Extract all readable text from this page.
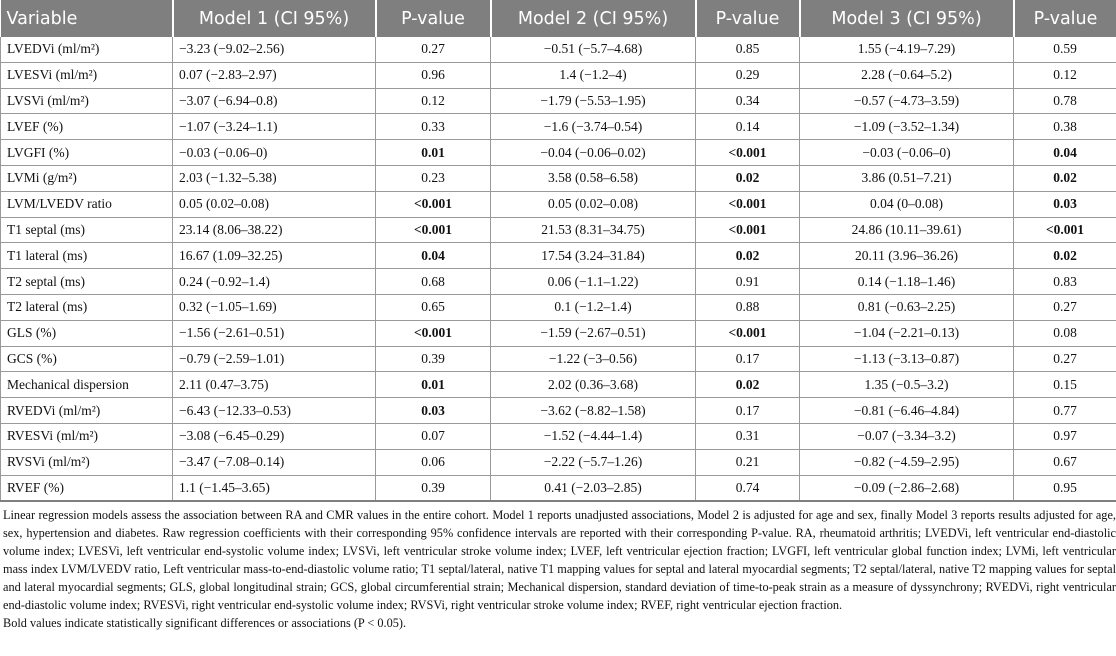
Variable	Model 1 (CI 95%)	P-value	Model 2 (CI 95%)	P-value	Model 3 (CI 95%)	P-value
LVEDVi (ml/m²)	−3.23 (−9.02–2.56)	0.27	−0.51 (−5.7–4.68)	0.85	1.55 (−4.19–7.29)	0.59
LVESVi (ml/m²)	0.07 (−2.83–2.97)	0.96	1.4 (−1.2–4)	0.29	2.28 (−0.64–5.2)	0.12
LVSVi (ml/m²)	−3.07 (−6.94–0.8)	0.12	−1.79 (−5.53–1.95)	0.34	−0.57 (−4.73–3.59)	0.78
LVEF (%)	−1.07 (−3.24–1.1)	0.33	−1.6 (−3.74–0.54)	0.14	−1.09 (−3.52–1.34)	0.38
LVGFI (%)	−0.03 (−0.06–0)	0.01	−0.04 (−0.06–0.02)	<0.001	−0.03 (−0.06–0)	0.04
LVMi (g/m²)	2.03 (−1.32–5.38)	0.23	3.58 (0.58–6.58)	0.02	3.86 (0.51–7.21)	0.02
LVM/LVEDV ratio	0.05 (0.02–0.08)	<0.001	0.05 (0.02–0.08)	<0.001	0.04 (0–0.08)	0.03
T1 septal (ms)	23.14 (8.06–38.22)	<0.001	21.53 (8.31–34.75)	<0.001	24.86 (10.11–39.61)	<0.001
T1 lateral (ms)	16.67 (1.09–32.25)	0.04	17.54 (3.24–31.84)	0.02	20.11 (3.96–36.26)	0.02
T2 septal (ms)	0.24 (−0.92–1.4)	0.68	0.06 (−1.1–1.22)	0.91	0.14 (−1.18–1.46)	0.83
T2 lateral (ms)	0.32 (−1.05–1.69)	0.65	0.1 (−1.2–1.4)	0.88	0.81 (−0.63–2.25)	0.27
GLS (%)	−1.56 (−2.61–0.51)	<0.001	−1.59 (−2.67–0.51)	<0.001	−1.04 (−2.21–0.13)	0.08
GCS (%)	−0.79 (−2.59–1.01)	0.39	−1.22 (−3–0.56)	0.17	−1.13 (−3.13–0.87)	0.27
Mechanical dispersion	2.11 (0.47–3.75)	0.01	2.02 (0.36–3.68)	0.02	1.35 (−0.5–3.2)	0.15
RVEDVi (ml/m²)	−6.43 (−12.33–0.53)	0.03	−3.62 (−8.82–1.58)	0.17	−0.81 (−6.46–4.84)	0.77
RVESVi (ml/m²)	−3.08 (−6.45–0.29)	0.07	−1.52 (−4.44–1.4)	0.31	−0.07 (−3.34–3.2)	0.97
RVSVi (ml/m²)	−3.47 (−7.08–0.14)	0.06	−2.22 (−5.7–1.26)	0.21	−0.82 (−4.59–2.95)	0.67
RVEF (%)	1.1 (−1.45–3.65)	0.39	0.41 (−2.03–2.85)	0.74	−0.09 (−2.86–2.68)	0.95

Linear regression models assess the association between RA and CMR values in the entire cohort. Model 1 reports unadjusted associations, Model 2 is adjusted for age and sex, finally Model 3 reports results adjusted for age, sex, hypertension and diabetes. Raw regression coefficients with their corresponding 95% confidence intervals are reported with their corresponding P-value. RA, rheumatoid arthritis; LVEDVi, left ventricular end-diastolic volume index; LVESVi, left ventricular end-systolic volume index; LVSVi, left ventricular stroke volume index; LVEF, left ventricular ejection fraction; LVGFI, left ventricular global function index; LVMi, left ventricular mass index LVM/LVEDV ratio, Left ventricular mass-to-end-diastolic volume ratio; T1 septal/lateral, native T1 mapping values for septal and lateral myocardial segments; T2 septal/lateral, native T2 mapping values for septal and lateral myocardial segments; GLS, global longitudinal strain; GCS, global circumferential strain; Mechanical dispersion, standard deviation of time-to-peak strain as a measure of dyssynchrony; RVEDVi, right ventricular end-diastolic volume index; RVESVi, right ventricular end-systolic volume index; RVSVi, right ventricular stroke volume index; RVEF, right ventricular ejection fraction.

Bold values indicate statistically significant differences or associations (P < 0.05).
